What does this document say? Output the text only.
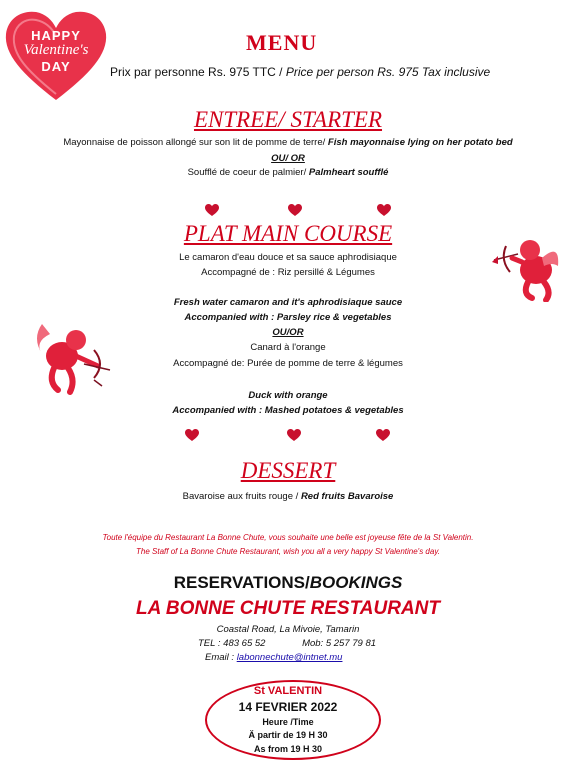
HAPPY
Valentine's
DAY
MENU
Prix par personne Rs. 975 TTC / Price per person Rs. 975 Tax inclusive
ENTREE/ STARTER
Mayonnaise de poisson allongé sur son lit de pomme de terre/ Fish mayonnaise lying on her potato bed
OU/ OR
Soufflé de coeur de palmier/ Palmheart soufflé
PLAT MAIN COURSE
Le camaron d'eau douce et sa sauce aphrodisiaque
Accompagné de : Riz persillé & Légumes
Fresh water camaron and it's aphrodisiaque sauce
Accompanied with : Parsley rice & vegetables
OU/OR
Canard à l'orange
Accompagné de: Purée de pomme de terre & légumes
Duck with orange
Accompanied with : Mashed potatoes & vegetables
DESSERT
Bavaroise aux fruits rouge / Red fruits Bavaroise
Toute l'équipe du Restaurant La Bonne Chute, vous souhaite une belle est joyeuse fête de la St Valentin.
The Staff of La Bonne Chute Restaurant, wish you all a very happy St Valentine's day.
RESERVATIONS/BOOKINGS
LA BONNE CHUTE RESTAURANT
Coastal Road, La Mivoie, Tamarin
TEL : 483 65 52	Mob: 5 257 79 81
Email : labonnechute@intnet.mu
St VALENTIN
14 FEVRIER 2022
Heure /Time
Ä partir de 19 H 30
As from 19 H 30
